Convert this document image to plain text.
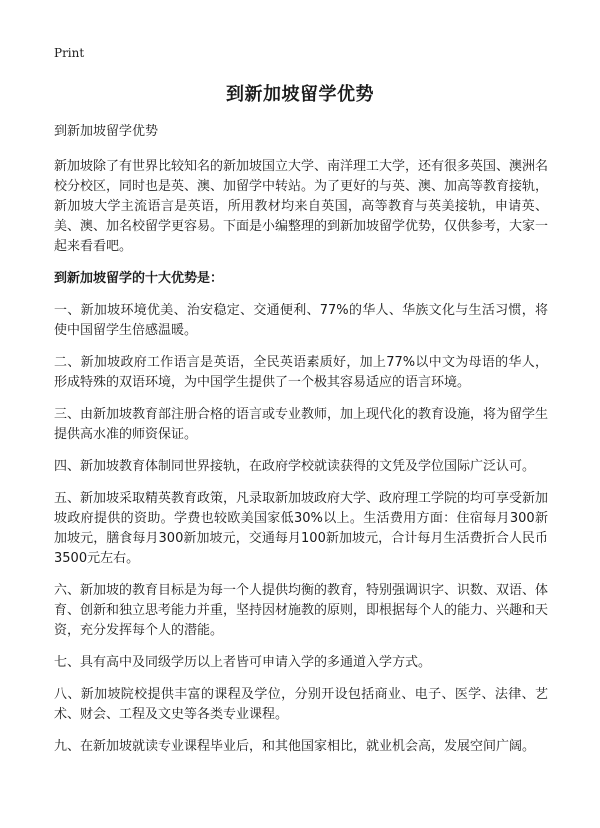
Print
到新加坡留学优势

到新加坡留学优势

新加坡除了有世界比较知名的新加坡国立大学、南洋理工大学，还有很多英国、澳洲名校分校区，同时也是英、澳、加留学中转站。为了更好的与英、澳、加高等教育接轨，新加坡大学主流语言是英语，所用教材均来自英国，高等教育与英美接轨，申请英、美、澳、加名校留学更容易。下面是小编整理的到新加坡留学优势，仅供参考，大家一起来看看吧。

到新加坡留学的十大优势是：

一、新加坡环境优美、治安稳定、交通便利、77%的华人、华族文化与生活习惯，将使中国留学生倍感温暖。

二、新加坡政府工作语言是英语，全民英语素质好，加上77%以中文为母语的华人，形成特殊的双语环境，为中国学生提供了一个极其容易适应的语言环境。

三、由新加坡教育部注册合格的语言或专业教师，加上现代化的教育设施，将为留学生提供高水准的师资保证。

四、新加坡教育体制同世界接轨，在政府学校就读获得的文凭及学位国际广泛认可。

五、新加坡采取精英教育政策，凡录取新加坡政府大学、政府理工学院的均可享受新加坡政府提供的资助。学费也较欧美国家低30%以上。生活费用方面：住宿每月300新加坡元，膳食每月300新加坡元，交通每月100新加坡元，合计每月生活费折合人民币3500元左右。

六、新加坡的教育目标是为每一个人提供均衡的教育，特别强调识字、识数、双语、体育、创新和独立思考能力并重，坚持因材施教的原则，即根据每个人的能力、兴趣和天资，充分发挥每个人的潜能。

七、具有高中及同级学历以上者皆可申请入学的多通道入学方式。

八、新加坡院校提供丰富的课程及学位，分别开设包括商业、电子、医学、法律、艺术、财会、工程及文史等各类专业课程。

九、在新加坡就读专业课程毕业后，和其他国家相比，就业机会高，发展空间广阔。
